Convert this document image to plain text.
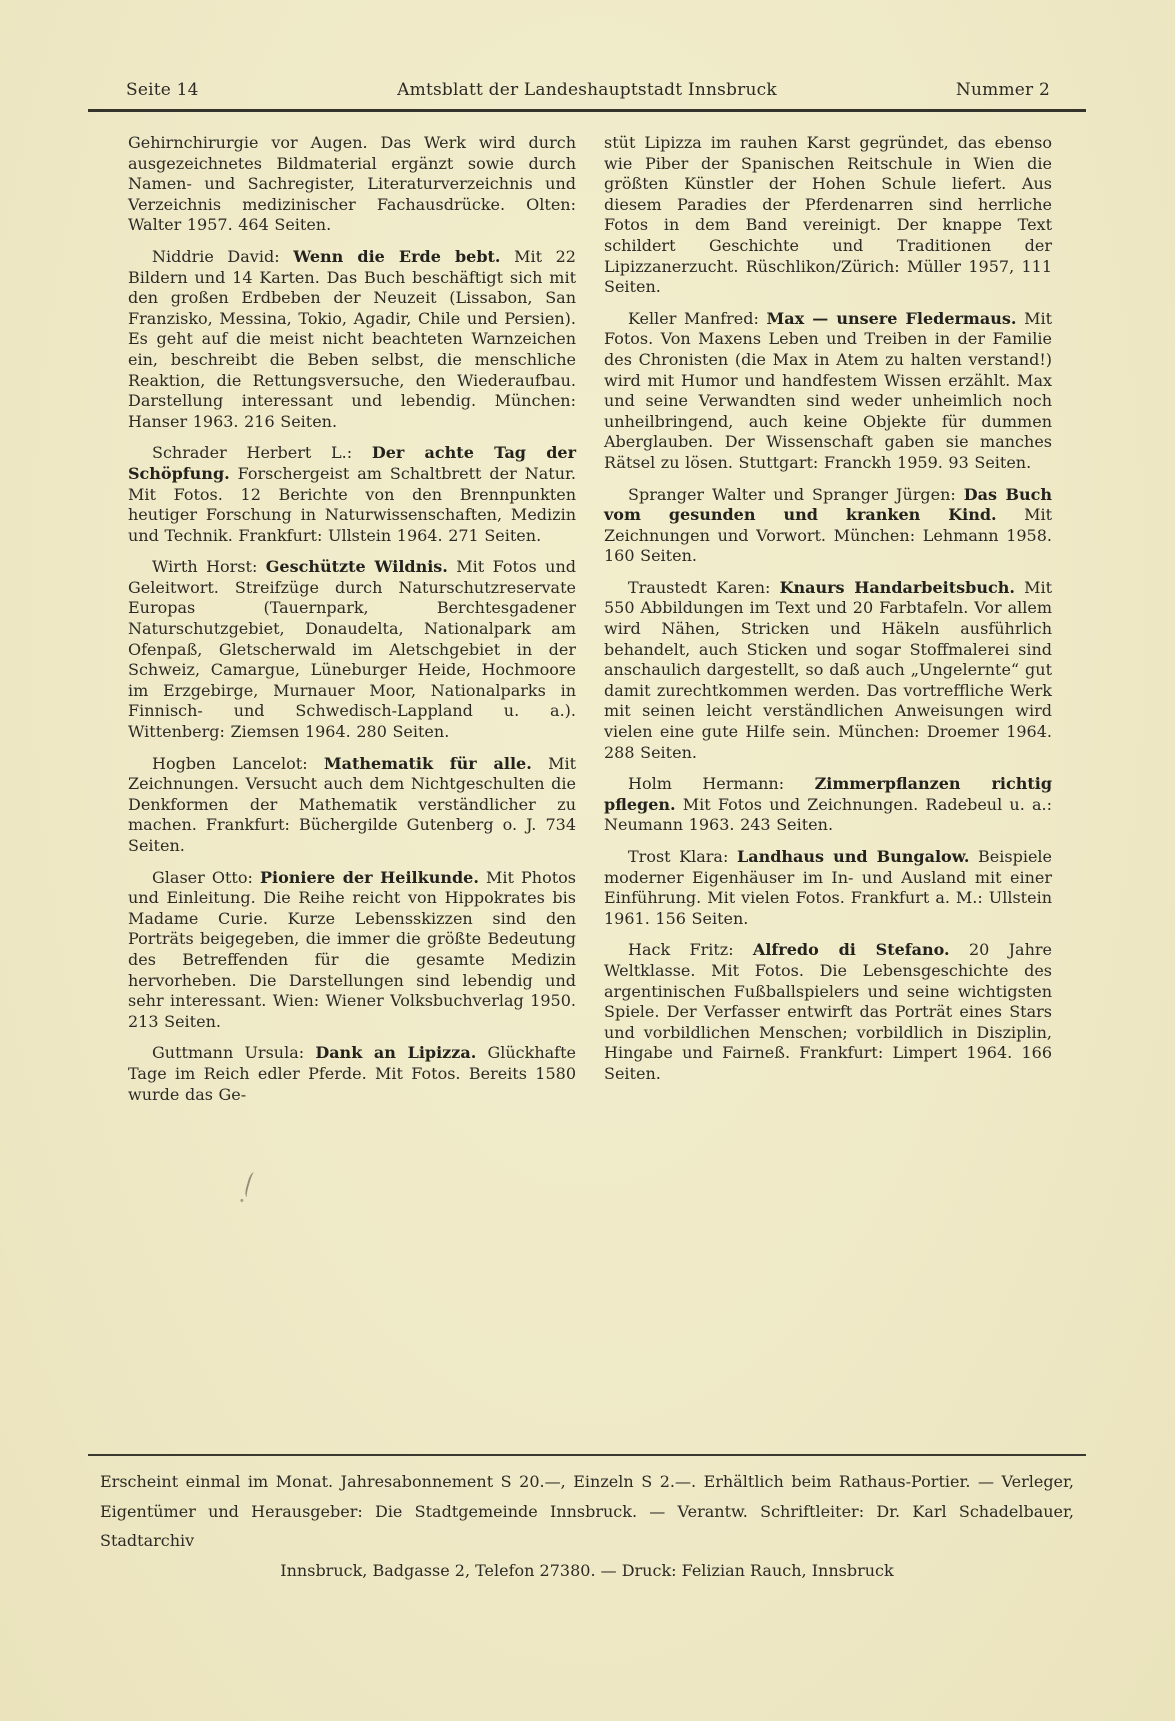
Seite 14	Amtsblatt der Landeshauptstadt Innsbruck	Nummer 2

Gehirnchirurgie vor Augen. Das Werk wird durch ausgezeichnetes Bildmaterial ergänzt sowie durch Namen- und Sachregister, Literaturverzeichnis und Verzeichnis medizinischer Fachausdrücke. Olten: Walter 1957. 464 Seiten.

Niddrie David: Wenn die Erde bebt. Mit 22 Bildern und 14 Karten. Das Buch beschäftigt sich mit den großen Erdbeben der Neuzeit (Lissabon, San Franzisko, Messina, Tokio, Agadir, Chile und Persien). Es geht auf die meist nicht beachteten Warnzeichen ein, beschreibt die Beben selbst, die menschliche Reaktion, die Rettungsversuche, den Wiederaufbau. Darstellung interessant und lebendig. München: Hanser 1963. 216 Seiten.

Schrader Herbert L.: Der achte Tag der Schöpfung. Forschergeist am Schaltbrett der Natur. Mit Fotos. 12 Berichte von den Brennpunkten heutiger Forschung in Naturwissenschaften, Medizin und Technik. Frankfurt: Ullstein 1964. 271 Seiten.

Wirth Horst: Geschützte Wildnis. Mit Fotos und Geleitwort. Streifzüge durch Naturschutzreservate Europas (Tauernpark, Berchtesgadener Naturschutzgebiet, Donaudelta, Nationalpark am Ofenpaß, Gletscherwald im Aletschgebiet in der Schweiz, Camargue, Lüneburger Heide, Hochmoore im Erzgebirge, Murnauer Moor, Nationalparks in Finnisch- und Schwedisch-Lappland u. a.). Wittenberg: Ziemsen 1964. 280 Seiten.

Hogben Lancelot: Mathematik für alle. Mit Zeichnungen. Versucht auch dem Nichtgeschulten die Denkformen der Mathematik verständlicher zu machen. Frankfurt: Büchergilde Gutenberg o. J. 734 Seiten.

Glaser Otto: Pioniere der Heilkunde. Mit Photos und Einleitung. Die Reihe reicht von Hippokrates bis Madame Curie. Kurze Lebensskizzen sind den Porträts beigegeben, die immer die größte Bedeutung des Betreffenden für die gesamte Medizin hervorheben. Die Darstellungen sind lebendig und sehr interessant. Wien: Wiener Volksbuchverlag 1950. 213 Seiten.

Guttmann Ursula: Dank an Lipizza. Glückhafte Tage im Reich edler Pferde. Mit Fotos. Bereits 1580 wurde das Ge-

stüt Lipizza im rauhen Karst gegründet, das ebenso wie Piber der Spanischen Reitschule in Wien die größten Künstler der Hohen Schule liefert. Aus diesem Paradies der Pferdenarren sind herrliche Fotos in dem Band vereinigt. Der knappe Text schildert Geschichte und Traditionen der Lipizzanerzucht. Rüschlikon/Zürich: Müller 1957, 111 Seiten.

Keller Manfred: Max — unsere Fledermaus. Mit Fotos. Von Maxens Leben und Treiben in der Familie des Chronisten (die Max in Atem zu halten verstand!) wird mit Humor und handfestem Wissen erzählt. Max und seine Verwandten sind weder unheimlich noch unheilbringend, auch keine Objekte für dummen Aberglauben. Der Wissenschaft gaben sie manches Rätsel zu lösen. Stuttgart: Franckh 1959. 93 Seiten.

Spranger Walter und Spranger Jürgen: Das Buch vom gesunden und kranken Kind. Mit Zeichnungen und Vorwort. München: Lehmann 1958. 160 Seiten.

Traustedt Karen: Knaurs Handarbeitsbuch. Mit 550 Abbildungen im Text und 20 Farbtafeln. Vor allem wird Nähen, Stricken und Häkeln ausführlich behandelt, auch Sticken und sogar Stoffmalerei sind anschaulich dargestellt, so daß auch „Ungelernte“ gut damit zurechtkommen werden. Das vortreffliche Werk mit seinen leicht verständlichen Anweisungen wird vielen eine gute Hilfe sein. München: Droemer 1964. 288 Seiten.

Holm Hermann: Zimmerpflanzen richtig pflegen. Mit Fotos und Zeichnungen. Radebeul u. a.: Neumann 1963. 243 Seiten.

Trost Klara: Landhaus und Bungalow. Beispiele moderner Eigenhäuser im In- und Ausland mit einer Einführung. Mit vielen Fotos. Frankfurt a. M.: Ullstein 1961. 156 Seiten.

Hack Fritz: Alfredo di Stefano. 20 Jahre Weltklasse. Mit Fotos. Die Lebensgeschichte des argentinischen Fußballspielers und seine wichtigsten Spiele. Der Verfasser entwirft das Porträt eines Stars und vorbildlichen Menschen; vorbildlich in Disziplin, Hingabe und Fairneß. Frankfurt: Limpert 1964. 166 Seiten.

Erscheint einmal im Monat. Jahresabonnement S 20.—, Einzeln S 2.—. Erhältlich beim Rathaus-Portier. — Verleger,
Eigentümer und Herausgeber: Die Stadtgemeinde Innsbruck. — Verantw. Schriftleiter: Dr. Karl Schadelbauer, Stadtarchiv
Innsbruck, Badgasse 2, Telefon 27380. — Druck: Felizian Rauch, Innsbruck
